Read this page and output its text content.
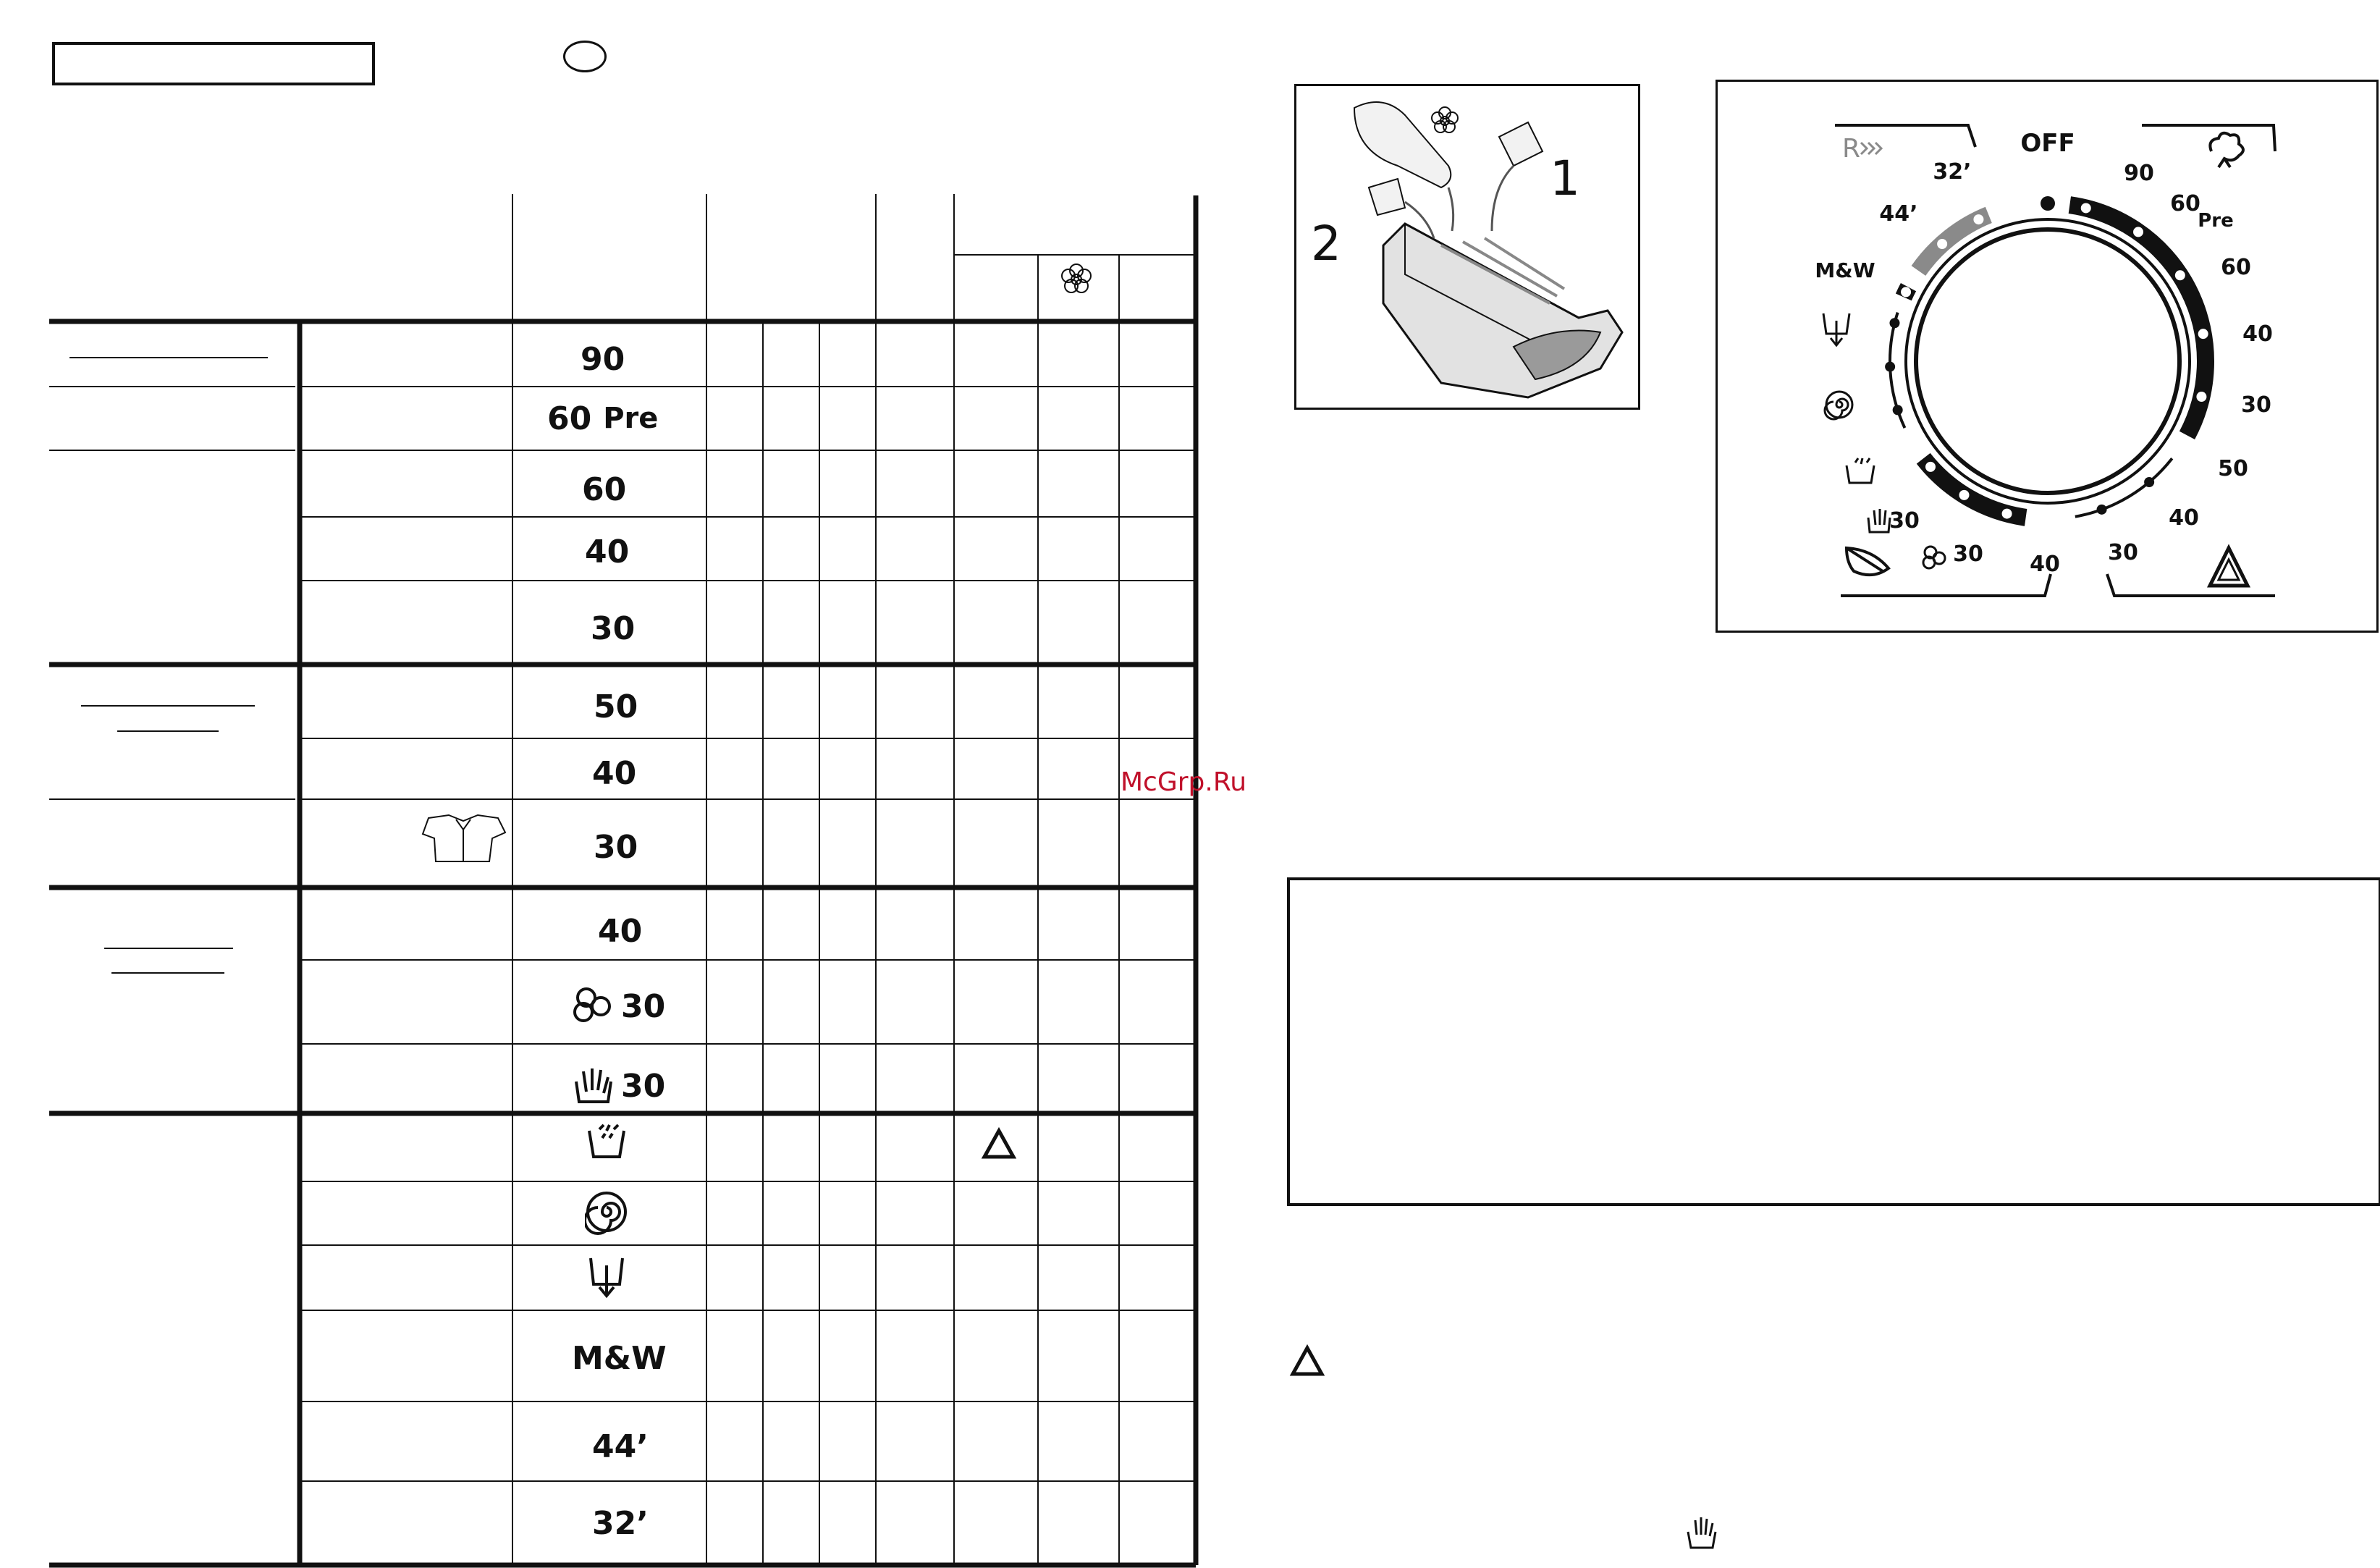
90
60 Pre
60
40
30
50
40
30
40
30
30
M&W
44’
32’
1
2
OFF
32’
44’
M&W
90
60
Pre
60
40
30
50
40
30
30
30 40
R
McGrp.Ru
